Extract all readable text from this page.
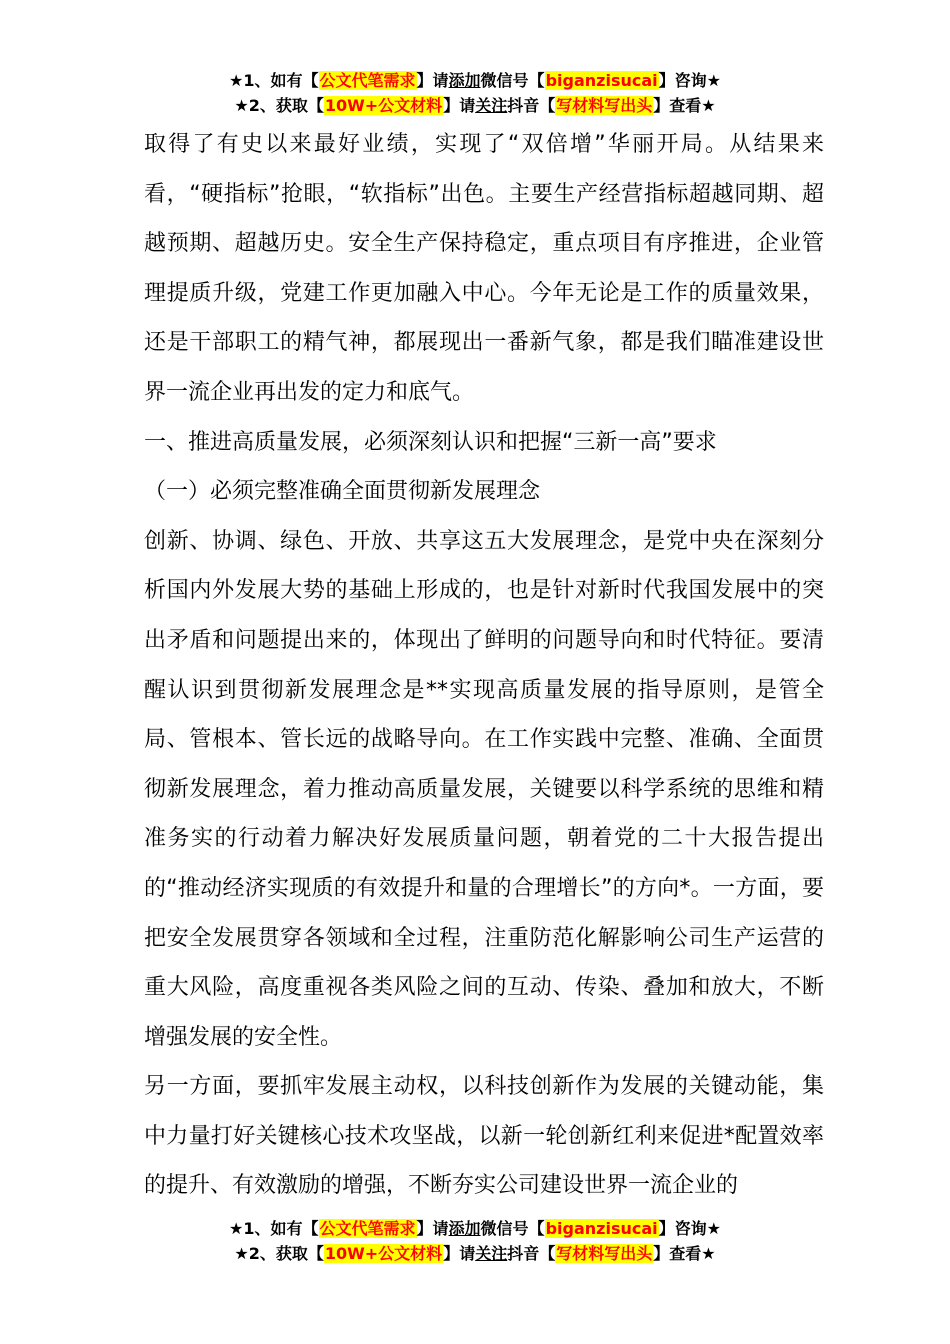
★1、如有【公文代笔需求】请添加微信号【biganzisucai】咨询★
★2、获取【10W+公文材料】请关注抖音【写材料写出头】查看★

取得了有史以来最好业绩，实现了“双倍增”华丽开局。从结果来看，“硬指标”抢眼，“软指标”出色。主要生产经营指标超越同期、超越预期、超越历史。安全生产保持稳定，重点项目有序推进，企业管理提质升级，党建工作更加融入中心。今年无论是工作的质量效果，还是干部职工的精气神，都展现出一番新气象，都是我们瞄准建设世界一流企业再出发的定力和底气。

一、推进高质量发展，必须深刻认识和把握“三新一高”要求

（一）必须完整准确全面贯彻新发展理念

创新、协调、绿色、开放、共享这五大发展理念，是党中央在深刻分析国内外发展大势的基础上形成的，也是针对新时代我国发展中的突出矛盾和问题提出来的，体现出了鲜明的问题导向和时代特征。要清醒认识到贯彻新发展理念是**实现高质量发展的指导原则，是管全局、管根本、管长远的战略导向。在工作实践中完整、准确、全面贯彻新发展理念，着力推动高质量发展，关键要以科学系统的思维和精准务实的行动着力解决好发展质量问题，朝着党的二十大报告提出的“推动经济实现质的有效提升和量的合理增长”的方向*。一方面，要把安全发展贯穿各领域和全过程，注重防范化解影响公司生产运营的重大风险，高度重视各类风险之间的互动、传染、叠加和放大，不断增强发展的安全性。

另一方面，要抓牢发展主动权，以科技创新作为发展的关键动能，集中力量打好关键核心技术攻坚战，以新一轮创新红利来促进*配置效率的提升、有效激励的增强，不断夯实公司建设世界一流企业的

★1、如有【公文代笔需求】请添加微信号【biganzisucai】咨询★
★2、获取【10W+公文材料】请关注抖音【写材料写出头】查看★
